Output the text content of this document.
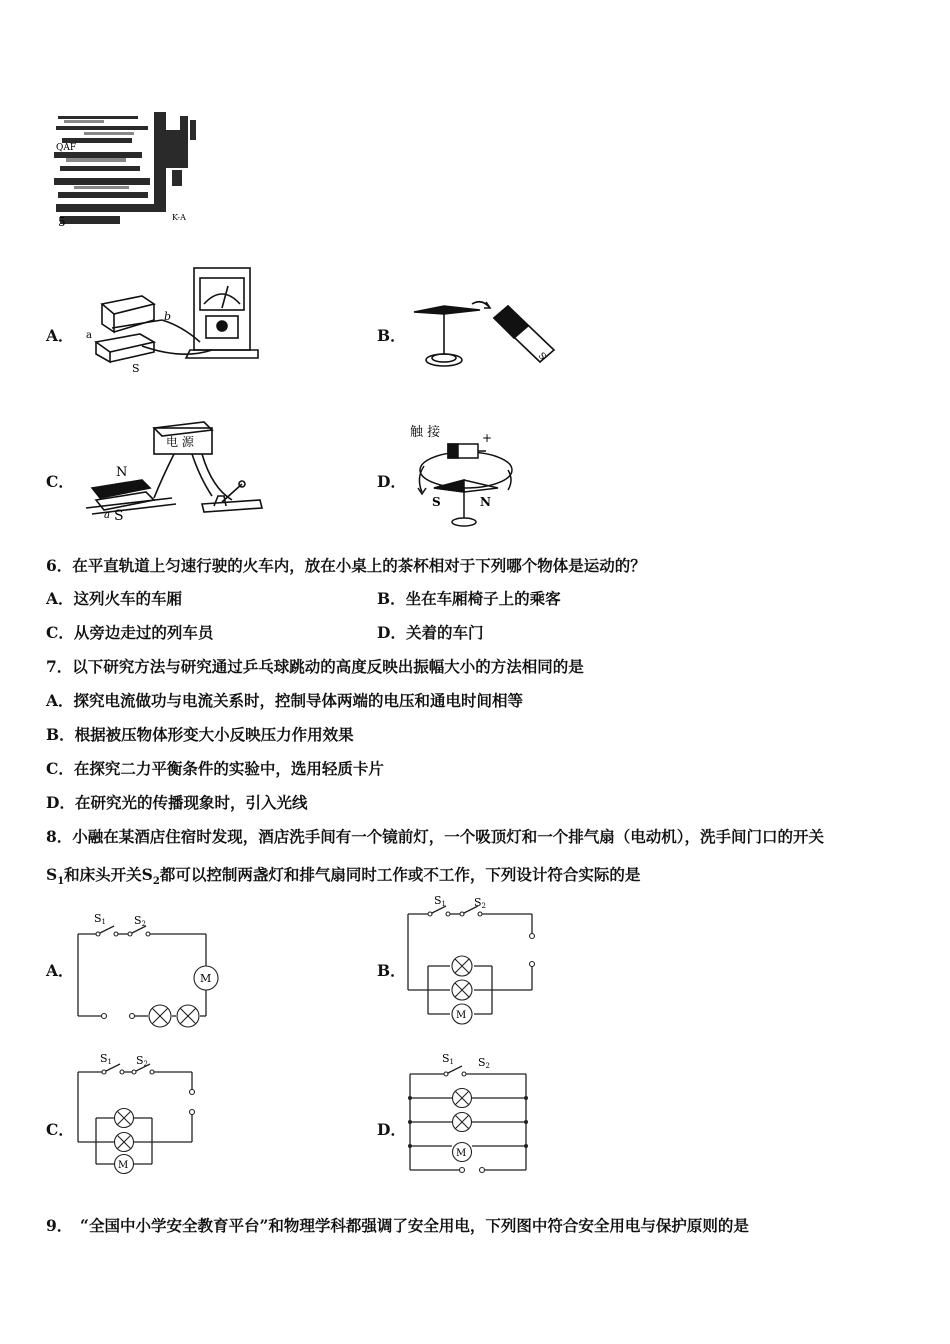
QAF
5	K-A
A． a
b
S
B．
S
C．
电 源
N
a S
D．
触 接	+
S	N
6．在平直轨道上匀速行驶的火车内，放在小桌上的茶杯相对于下列哪个物体是运动的？
A．这列火车的车厢	B．坐在车厢椅子上的乘客
C．从旁边走过的列车员	D．关着的车门
7．以下研究方法与研究通过乒乓球跳动的高度反映出振幅大小的方法相同的是
A．探究电流做功与电流关系时，控制导体两端的电压和通电时间相等
B．根据被压物体形变大小反映压力作用效果
C．在探究二力平衡条件的实验中，选用轻质卡片
D．在研究光的传播现象时，引入光线
8．小融在某酒店住宿时发现，酒店洗手间有一个镜前灯，一个吸顶灯和一个排气扇（电动机），洗手间门口的开关
$S_1$和床头开关$S_2$都可以控制两盏灯和排气扇同时工作或不工作，下列设计符合实际的是
A．	M
S1	S2
B．
M
S1	S2
C．
M
S1 S2
D．
M
S1 S2
9．　“全国中小学安全教育平台”和物理学科都强调了安全用电，下列图中符合安全用电与保护原则的是
